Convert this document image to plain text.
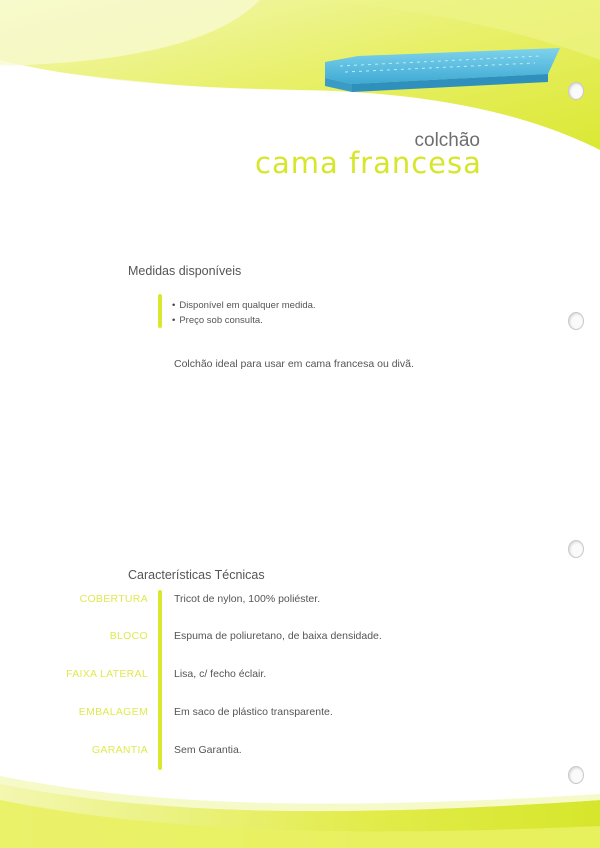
colchão
cama francesa
Medidas disponíveis
• Disponível em qualquer medida.
• Preço sob consulta.
Colchão ideal para usar em cama francesa ou divã.
Características Técnicas
COBERTURA Tricot de nylon, 100% poliéster.
BLOCO Espuma de poliuretano, de baixa densidade.
FAIXA LATERAL Lisa, c/ fecho éclair.
EMBALAGEM Em saco de plástico transparente.
GARANTIA Sem Garantia.
